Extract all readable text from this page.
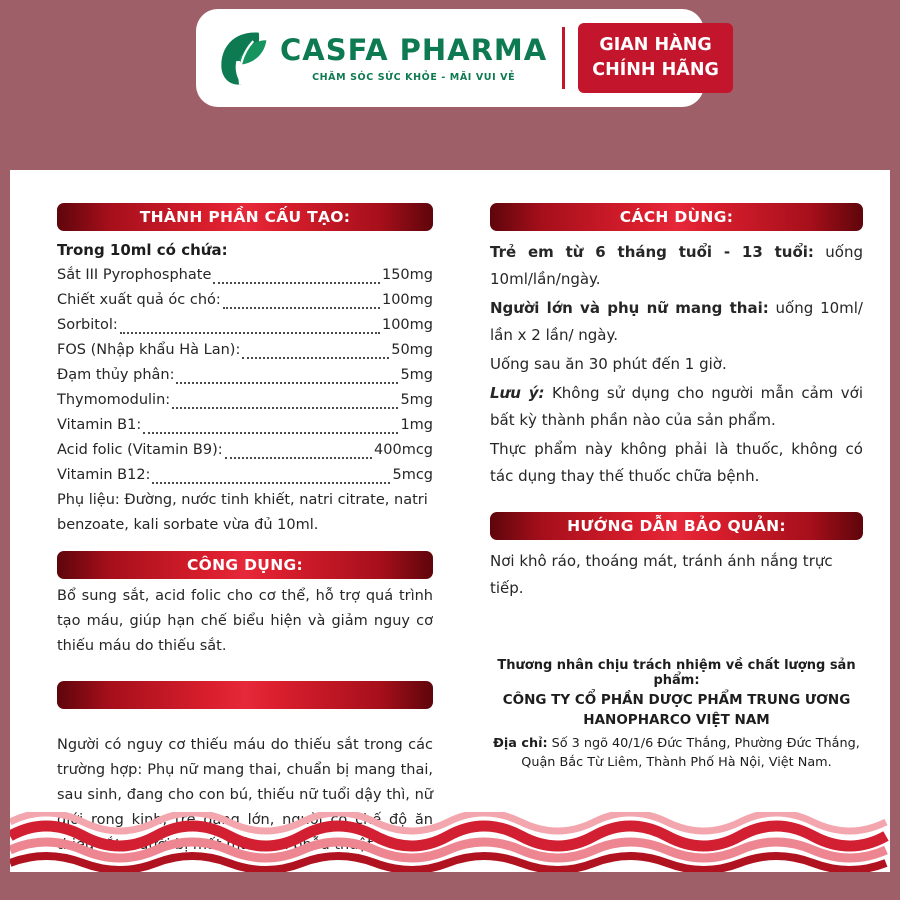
CASFA PHARMA
CHĂM SÓC SỨC KHỎE - MÃI VUI VẺ
GIAN HÀNG
CHÍNH HÃNG
THÀNH PHẦN CẤU TẠO:
Trong 10ml có chứa:
Sắt III Pyrophosphate	150mg
Chiết xuất quả óc chó:	100mg
Sorbitol:	100mg
FOS (Nhập khẩu Hà Lan):	50mg
Đạm thủy phân:	5mg
Thymomodulin:	5mg
Vitamin B1:	1mg
Acid folic (Vitamin B9):	400mcg
Vitamin B12:	5mcg
Phụ liệu: Đường, nước tinh khiết, natri citrate, natri benzoate, kali sorbate vừa đủ 10ml.
CÔNG DỤNG:
Bổ sung sắt, acid folic cho cơ thể, hỗ trợ quá trình tạo máu, giúp hạn chế biểu hiện và giảm nguy cơ thiếu máu do thiếu sắt.
Người có nguy cơ thiếu máu do thiếu sắt trong các trường hợp: Phụ nữ mang thai, chuẩn bị mang thai, sau sinh, đang cho con bú, thiếu nữ tuổi dậy thì, nữ giới rong kinh, trẻ đang lớn, người có chế độ ăn thiếu sắt, người bị mất máu sau phẫu thuật.
CÁCH DÙNG:
Trẻ em từ 6 tháng tuổi - 13 tuổi: uống 10ml/lần/ngày.
Người lớn và phụ nữ mang thai: uống 10ml/ lần x 2 lần/ ngày.
Uống sau ăn 30 phút đến 1 giờ.
Lưu ý: Không sử dụng cho người mẫn cảm với bất kỳ thành phần nào của sản phẩm.
Thực phẩm này không phải là thuốc, không có tác dụng thay thế thuốc chữa bệnh.
HƯỚNG DẪN BẢO QUẢN:
Nơi khô ráo, thoáng mát, tránh ánh nắng trực tiếp.
Thương nhân chịu trách nhiệm về chất lượng sản phẩm:
CÔNG TY CỔ PHẦN DƯỢC PHẨM TRUNG ƯƠNG HANOPHARCO VIỆT NAM
Địa chỉ: Số 3 ngõ 40/1/6 Đức Thắng, Phường Đức Thắng, Quận Bắc Từ Liêm, Thành Phố Hà Nội, Việt Nam.
